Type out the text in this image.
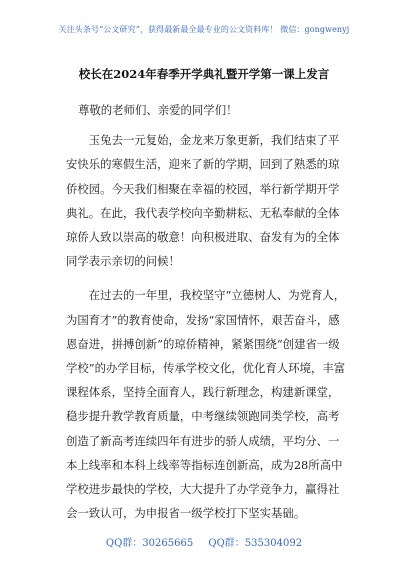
关注头条号“公文研究”，获得最新最全最专业的公文资料库！ 微信：gongwenyj
校长在2024年春季开学典礼暨开学第一课上发言

尊敬的老师们、亲爱的同学们！

　　玉兔去一元复始，金龙来万象更新，我们结束了平安快乐的寒假生活，迎来了新的学期，回到了熟悉的琼侨校园。今天我们相聚在幸福的校园，举行新学期开学典礼。在此，我代表学校向辛勤耕耘、无私奉献的全体琼侨人致以崇高的敬意！向积极进取、奋发有为的全体同学表示亲切的问候！

　　在过去的一年里，我校坚守“立德树人、为党育人，为国育才”的教育使命，发扬“家国情怀，艰苦奋斗，感恩奋进，拼搏创新”的琼侨精神，紧紧围绕“创建省一级学校”的办学目标，传承学校文化，优化育人环境，丰富课程体系，坚持全面育人，践行新理念，构建新课堂，稳步提升教学教育质量，中考继续领跑同类学校，高考创造了新高考连续四年有进步的骄人成绩，平均分、一本上线率和本科上线率等指标连创新高，成为28所高中学校进步最快的学校，大大提升了办学竞争力，赢得社会一致认可，为申报省一级学校打下坚实基础。

QQ群：30265665 QQ群：535304092
